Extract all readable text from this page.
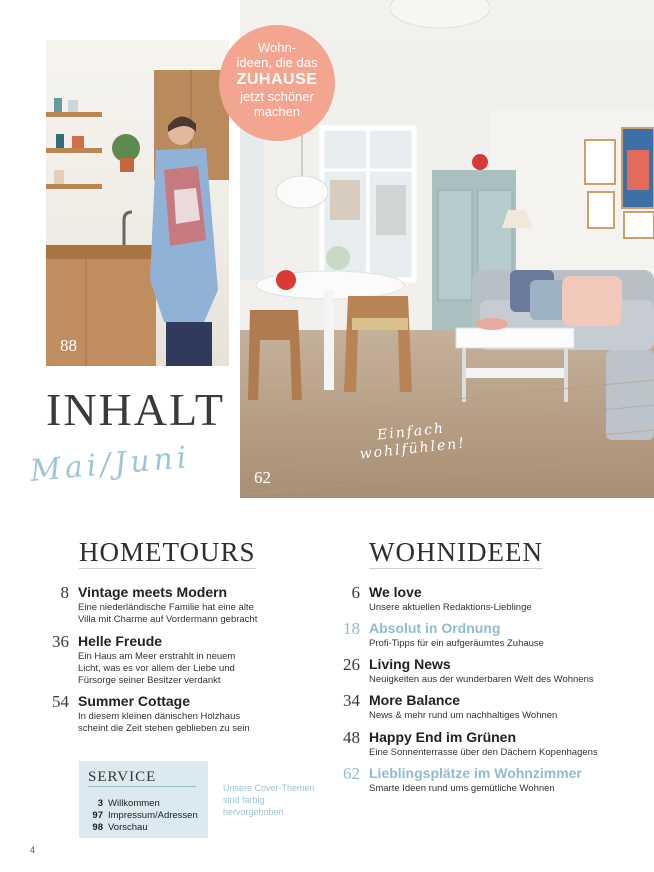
Einfach wohlfühlen!
62
88
Wohn-
ideen, die das
ZUHAUSE
jetzt schöner
machen
INHALT
Mai/Juni
HOMETOURS
8 Vintage meets Modern
Eine niederländische Familie hat eine alte
Villa mit Charme auf Vordermann gebracht
36 Helle Freude
Ein Haus am Meer erstrahlt in neuem
Licht, was es vor allem der Liebe und
Fürsorge seiner Besitzer verdankt
54 Summer Cottage
In diesem kleinen dänischen Holzhaus
scheint die Zeit stehen geblieben zu sein
WOHNIDEEN
6 We love
Unsere aktuellen Redaktions-Lieblinge
18 Absolut in Ordnung
Profi-Tipps für ein aufgeräumtes Zuhause
26 Living News
Neuigkeiten aus der wunderbaren Welt des Wohnens
34 More Balance
News & mehr rund um nachhaltiges Wohnen
48 Happy End im Grünen
Eine Sonnenterrasse über den Dächern Kopenhagens
62 Lieblingsplätze im Wohnzimmer
Smarte Ideen rund ums gemütliche Wohnen
SERVICE
3 Willkommen
97 Impressum/Adressen
98 Vorschau
Unsere Cover-Themen sind farbig hervorgehoben
4
